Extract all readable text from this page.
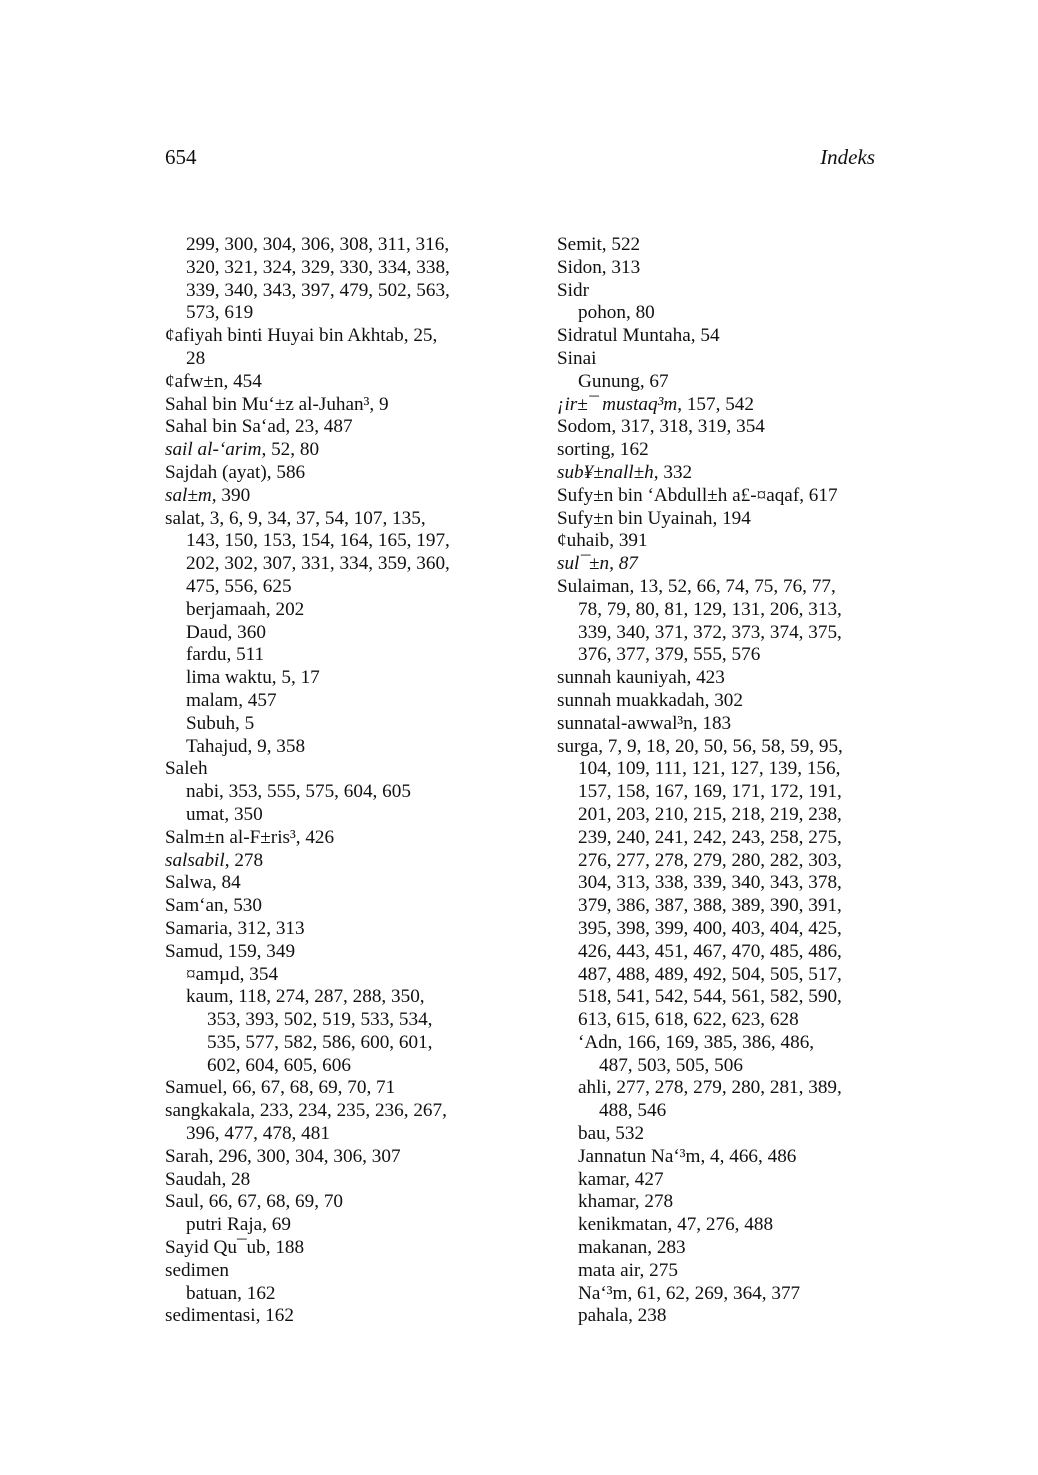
654	Indeks
299, 300, 304, 306, 308, 311, 316,
320, 321, 324, 329, 330, 334, 338,
339, 340, 343, 397, 479, 502, 563,
573, 619
¢afiyah binti Huyai bin Akhtab, 25,
28
¢afw±n, 454
Sahal bin Mu‘±z al-Juhan³, 9
Sahal bin Sa‘ad, 23, 487
sail al-‘arim, 52, 80
Sajdah (ayat), 586
sal±m, 390
salat, 3, 6, 9, 34, 37, 54, 107, 135,
143, 150, 153, 154, 164, 165, 197,
202, 302, 307, 331, 334, 359, 360,
475, 556, 625
berjamaah, 202
Daud, 360
fardu, 511
lima waktu, 5, 17
malam, 457
Subuh, 5
Tahajud, 9, 358
Saleh
nabi, 353, 555, 575, 604, 605
umat, 350
Salm±n al-F±ris³, 426
salsabil, 278
Salwa, 84
Sam‘an, 530
Samaria, 312, 313
Samud, 159, 349
¤amµd, 354
kaum, 118, 274, 287, 288, 350,
353, 393, 502, 519, 533, 534,
535, 577, 582, 586, 600, 601,
602, 604, 605, 606
Samuel, 66, 67, 68, 69, 70, 71
sangkakala, 233, 234, 235, 236, 267,
396, 477, 478, 481
Sarah, 296, 300, 304, 306, 307
Saudah, 28
Saul, 66, 67, 68, 69, 70
putri Raja, 69
Sayid Qu¯ub, 188
sedimen
batuan, 162
sedimentasi, 162
Semit, 522
Sidon, 313
Sidr
pohon, 80
Sidratul Muntaha, 54
Sinai
Gunung, 67
¡ir±¯ mustaq³m, 157, 542
Sodom, 317, 318, 319, 354
sorting, 162
sub¥±nall±h, 332
Sufy±n bin ‘Abdull±h a£-¤aqaf, 617
Sufy±n bin Uyainah, 194
¢uhaib, 391
sul¯±n, 87
Sulaiman, 13, 52, 66, 74, 75, 76, 77,
78, 79, 80, 81, 129, 131, 206, 313,
339, 340, 371, 372, 373, 374, 375,
376, 377, 379, 555, 576
sunnah kauniyah, 423
sunnah muakkadah, 302
sunnatal-awwal³n, 183
surga, 7, 9, 18, 20, 50, 56, 58, 59, 95,
104, 109, 111, 121, 127, 139, 156,
157, 158, 167, 169, 171, 172, 191,
201, 203, 210, 215, 218, 219, 238,
239, 240, 241, 242, 243, 258, 275,
276, 277, 278, 279, 280, 282, 303,
304, 313, 338, 339, 340, 343, 378,
379, 386, 387, 388, 389, 390, 391,
395, 398, 399, 400, 403, 404, 425,
426, 443, 451, 467, 470, 485, 486,
487, 488, 489, 492, 504, 505, 517,
518, 541, 542, 544, 561, 582, 590,
613, 615, 618, 622, 623, 628
‘Adn, 166, 169, 385, 386, 486,
487, 503, 505, 506
ahli, 277, 278, 279, 280, 281, 389,
488, 546
bau, 532
Jannatun Na‘³m, 4, 466, 486
kamar, 427
khamar, 278
kenikmatan, 47, 276, 488
makanan, 283
mata air, 275
Na‘³m, 61, 62, 269, 364, 377
pahala, 238
